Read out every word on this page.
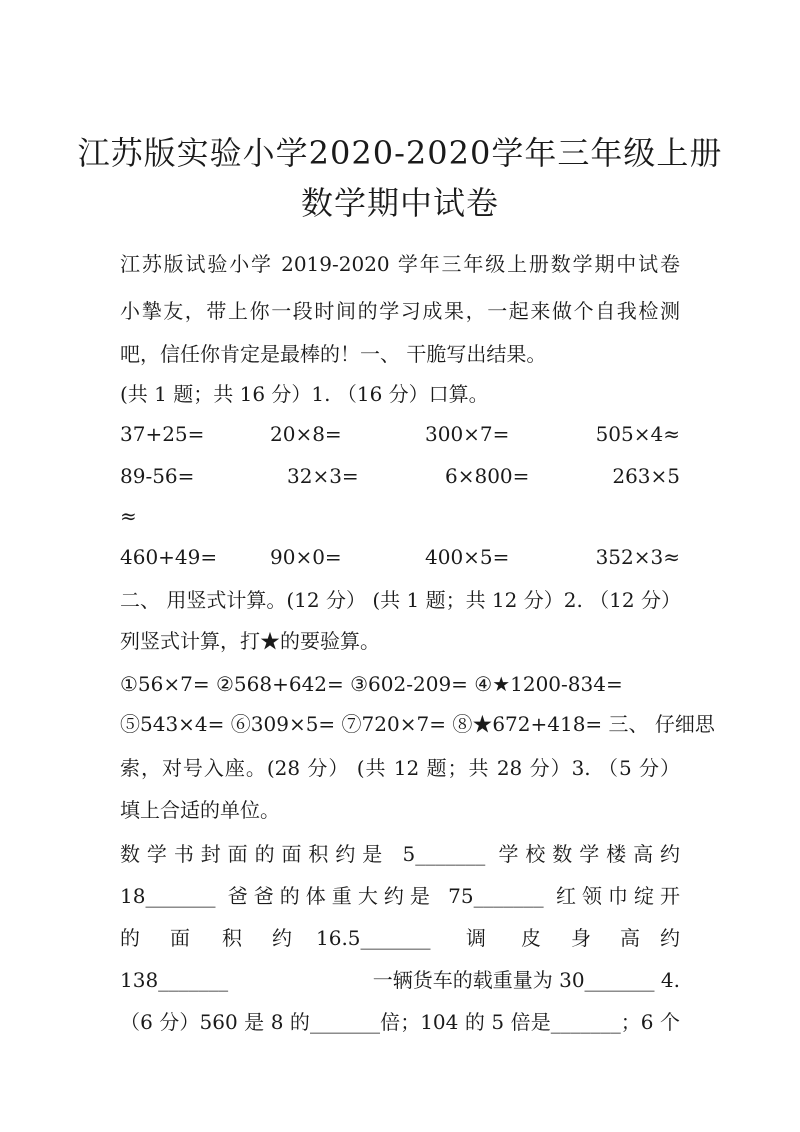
江苏版实验小学2020-2020学年三年级上册
数学期中试卷
江苏版试验小学 2019-2020 学年三年级上册数学期中试卷
小摯友，带上你一段时间的学习成果，一起来做个自我检测
吧，信任你肯定是最棒的！一、 干脆写出结果。
(共 1 题；共 16 分）1. （16 分）口算。
37+25=	20×8=	300×7=	505×4≈
89-56=	32×3=	6×800=	263×5
≈
460+49=	90×0=	400×5=	352×3≈
二、 用竖式计算。(12 分） (共 1 题；共 12 分）2. （12 分）
列竖式计算，打★的要验算。
①56×7= ②568+642= ③602-209= ④★1200-834=
⑤543×4= ⑥309×5= ⑦720×7= ⑧★672+418= 三、 仔细思
索，对号入座。(28 分） (共 12 题；共 28 分）3. （5 分）
填上合适的单位。
数学书封面的面积约是 5_______ 学校数学楼高约
18_______ 爸爸的体重大约是 75_______ 红领巾绽开
的 面 积 约 16.5_______ 调 皮 身 高 约
138_______	一辆货车的载重量为 30_______ 4.
（6 分）560 是 8 的_______倍；104 的 5 倍是_______；6 个
